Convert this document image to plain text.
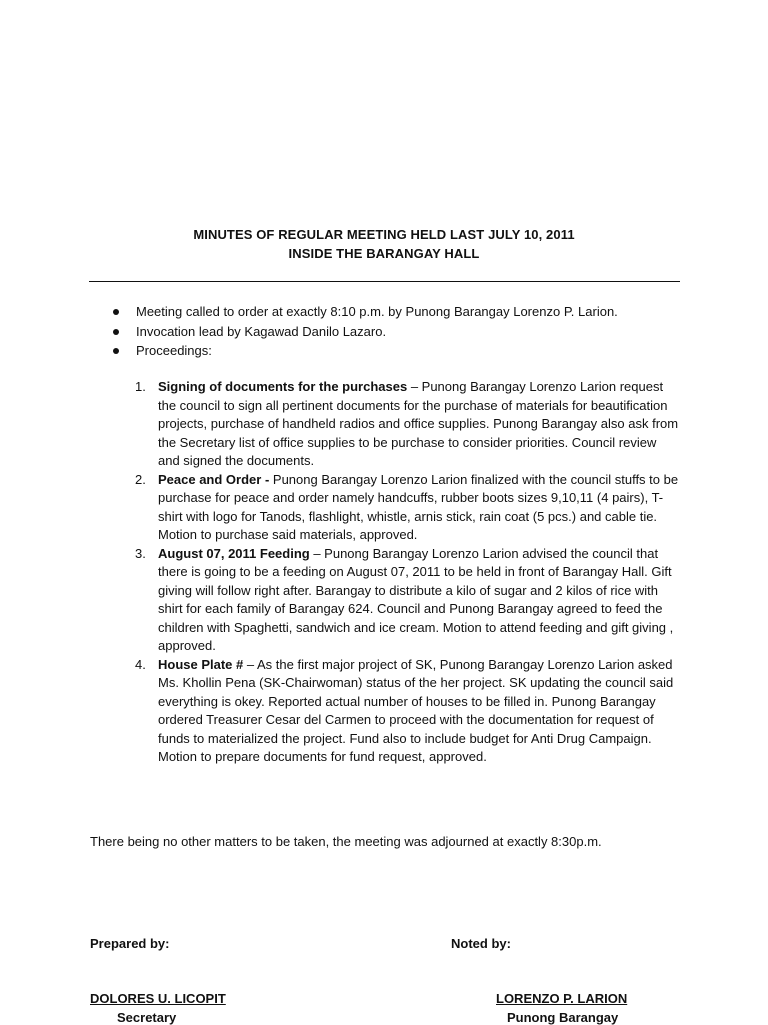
MINUTES OF REGULAR MEETING HELD LAST JULY 10, 2011
INSIDE THE BARANGAY HALL
Meeting called to order at exactly 8:10 p.m. by Punong Barangay Lorenzo P. Larion.
Invocation lead by Kagawad Danilo Lazaro.
Proceedings:
1. Signing of documents for the purchases – Punong Barangay Lorenzo Larion request the council to sign all pertinent documents for the purchase of materials for beautification projects, purchase of handheld radios and office supplies. Punong Barangay also ask from the Secretary list of office supplies to be purchase to consider priorities. Council review and signed the documents.
2. Peace and Order - Punong Barangay Lorenzo Larion finalized with the council stuffs to be purchase for peace and order namely handcuffs, rubber boots sizes 9,10,11 (4 pairs), T-shirt with logo for Tanods, flashlight, whistle, arnis stick, rain coat (5 pcs.) and cable tie. Motion to purchase said materials, approved.
3. August 07, 2011 Feeding – Punong Barangay Lorenzo Larion advised the council that there is going to be a feeding on August 07, 2011 to be held in front of Barangay Hall. Gift giving will follow right after. Barangay to distribute a kilo of sugar and 2 kilos of rice with shirt for each family of Barangay 624. Council and Punong Barangay agreed to feed the children with Spaghetti, sandwich and ice cream. Motion to attend feeding and gift giving , approved.
4. House Plate # – As the first major project of SK, Punong Barangay Lorenzo Larion asked Ms. Khollin Pena (SK-Chairwoman) status of the her project. SK updating the council said everything is okey. Reported actual number of houses to be filled in. Punong Barangay ordered Treasurer Cesar del Carmen to proceed with the documentation for request of funds to materialized the project. Fund also to include budget for Anti Drug Campaign. Motion to prepare documents for fund request, approved.
There being no other matters to be taken, the meeting was adjourned at exactly 8:30p.m.
Prepared by:	Noted by:
DOLORES U. LICOPIT
Secretary
LORENZO P. LARION
Punong Barangay
